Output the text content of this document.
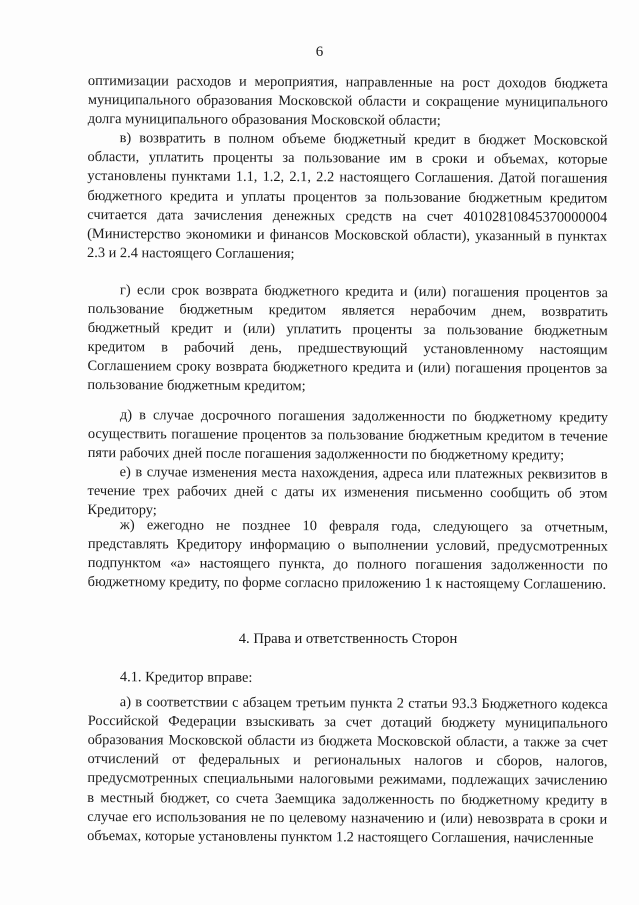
6

оптимизации расходов и мероприятия, направленные на рост доходов бюджета муниципального образования Московской области и сокращение муниципального долга муниципального образования Московской области;

в) возвратить в полном объеме бюджетный кредит в бюджет Московской области, уплатить проценты за пользование им в сроки и объемах, которые установлены пунктами 1.1, 1.2, 2.1, 2.2 настоящего Соглашения. Датой погашения бюджетного кредита и уплаты процентов за пользование бюджетным кредитом считается дата зачисления денежных средств на счет 40102810845370000004 (Министерство экономики и финансов Московской области), указанный в пунктах 2.3 и 2.4 настоящего Соглашения;

г) если срок возврата бюджетного кредита и (или) погашения процентов за пользование бюджетным кредитом является нерабочим днем, возвратить бюджетный кредит и (или) уплатить проценты за пользование бюджетным кредитом в рабочий день, предшествующий установленному настоящим Соглашением сроку возврата бюджетного кредита и (или) погашения процентов за пользование бюджетным кредитом;

д) в случае досрочного погашения задолженности по бюджетному кредиту осуществить погашение процентов за пользование бюджетным кредитом в течение пяти рабочих дней после погашения задолженности по бюджетному кредиту;

е) в случае изменения места нахождения, адреса или платежных реквизитов в течение трех рабочих дней с даты их изменения письменно сообщить об этом Кредитору;

ж) ежегодно не позднее 10 февраля года, следующего за отчетным, представлять Кредитору информацию о выполнении условий, предусмотренных подпунктом «а» настоящего пункта, до полного погашения задолженности по бюджетному кредиту, по форме согласно приложению 1 к настоящему Соглашению.

4. Права и ответственность Сторон

4.1. Кредитор вправе:

а) в соответствии с абзацем третьим пункта 2 статьи 93.3 Бюджетного кодекса Российской Федерации взыскивать за счет дотаций бюджету муниципального образования Московской области из бюджета Московской области, а также за счет отчислений от федеральных и региональных налогов и сборов, налогов, предусмотренных специальными налоговыми режимами, подлежащих зачислению в местный бюджет, со счета Заемщика задолженность по бюджетному кредиту в случае его использования не по целевому назначению и (или) невозврата в сроки и объемах, которые установлены пунктом 1.2 настоящего Соглашения, начисленные
